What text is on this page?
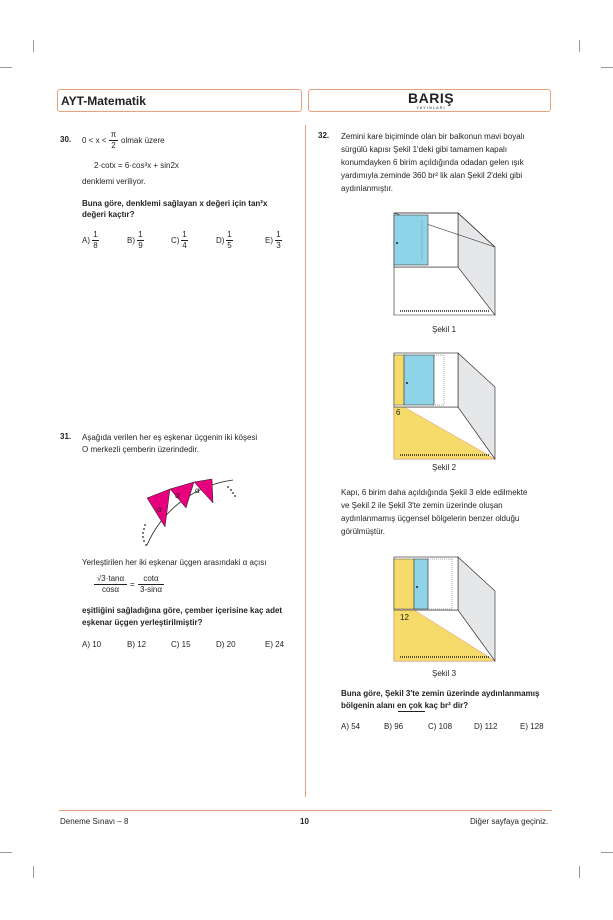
AYT-Matematik	BARIŞ
YAYINLARI
30. $0 < x < \frac{\pi}{2}$ olmak üzere
2·cotx = 6·cos³x + sin2x
denklemi veriliyor.
Buna göre, denklemi sağlayan x değeri için tan²x
değeri kaçtır?
$A) \frac{1}{8}$	$B) \frac{1}{9}$	$C) \frac{1}{4}$	$D) \frac{1}{5}$	$E) \frac{1}{3}$
31. Aşağıda verilen her eş eşkenar üçgenin iki köşesi
O merkezli çemberin üzerindedir.
α
α
α
Yerleştirilen her iki eşkenar üçgen arasındaki α açısı
$\frac{√3\cdot\tan\alpha}{\cos\alpha} = \frac{\cot\alpha}{3-\sin\alpha}$
eşitliğini sağladığına göre, çember içerisine kaç adet
eşkenar üçgen yerleştirilmiştir?
A) 10	B) 12	C) 15	D) 20	E) 24
32. Zemini kare biçiminde olan bir balkonun mavi boyalı
sürgülü kapısı Şekil 1'deki gibi tamamen kapalı
konumdayken 6 birim açıldığında odadan gelen ışık
yardımıyla zeminde 360 br² lik alan Şekil 2'deki gibi
aydınlanmıştır.
Şekil 1
6
Şekil 2
Kapı, 6 birim daha açıldığında Şekil 3 elde edilmekte
ve Şekil 2 ile Şekil 3'te zemin üzerinde oluşan
aydınlanmamış üçgensel bölgelerin benzer olduğu
görülmüştür.
12
Şekil 3
Buna göre, Şekil 3'te zemin üzerinde aydınlanmamış
bölgenin alanı en çok kaç br² dir?
A) 54	B) 96	C) 108	D) 112	E) 128
Deneme Sınavı – 8	10	Diğer sayfaya geçiniz.
